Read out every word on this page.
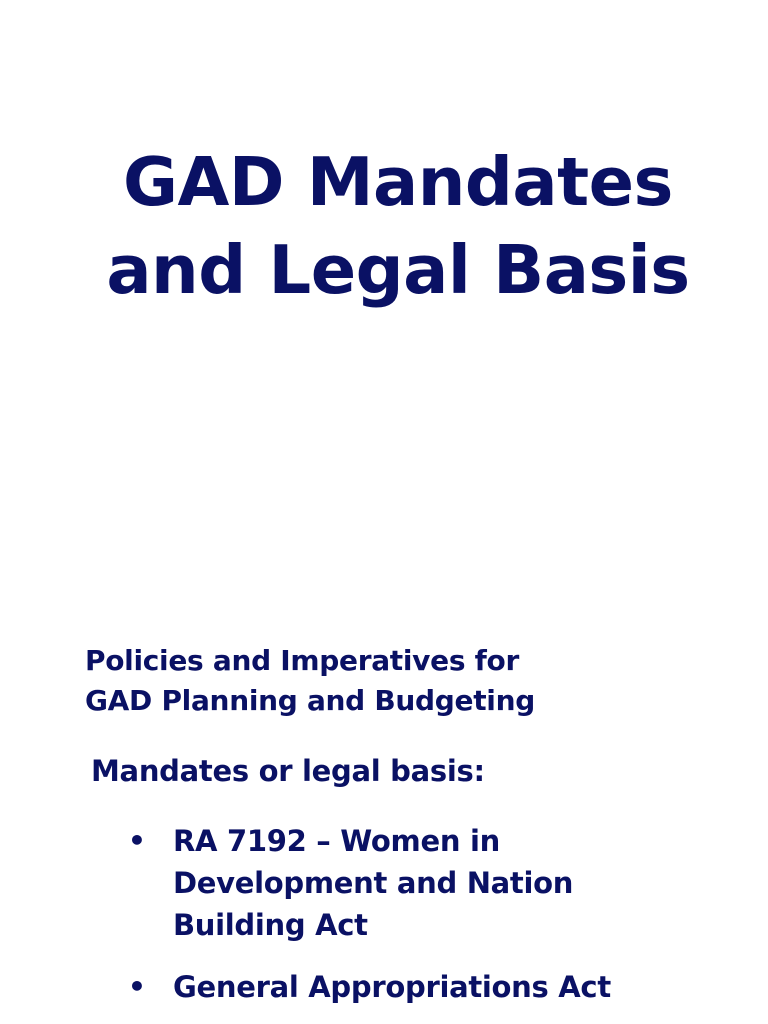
GAD Mandates
and Legal Basis
Policies and Imperatives for
GAD Planning and Budgeting
Mandates or legal basis:
• RA 7192 – Women in
Development and Nation
Building Act
• General Appropriations Act
